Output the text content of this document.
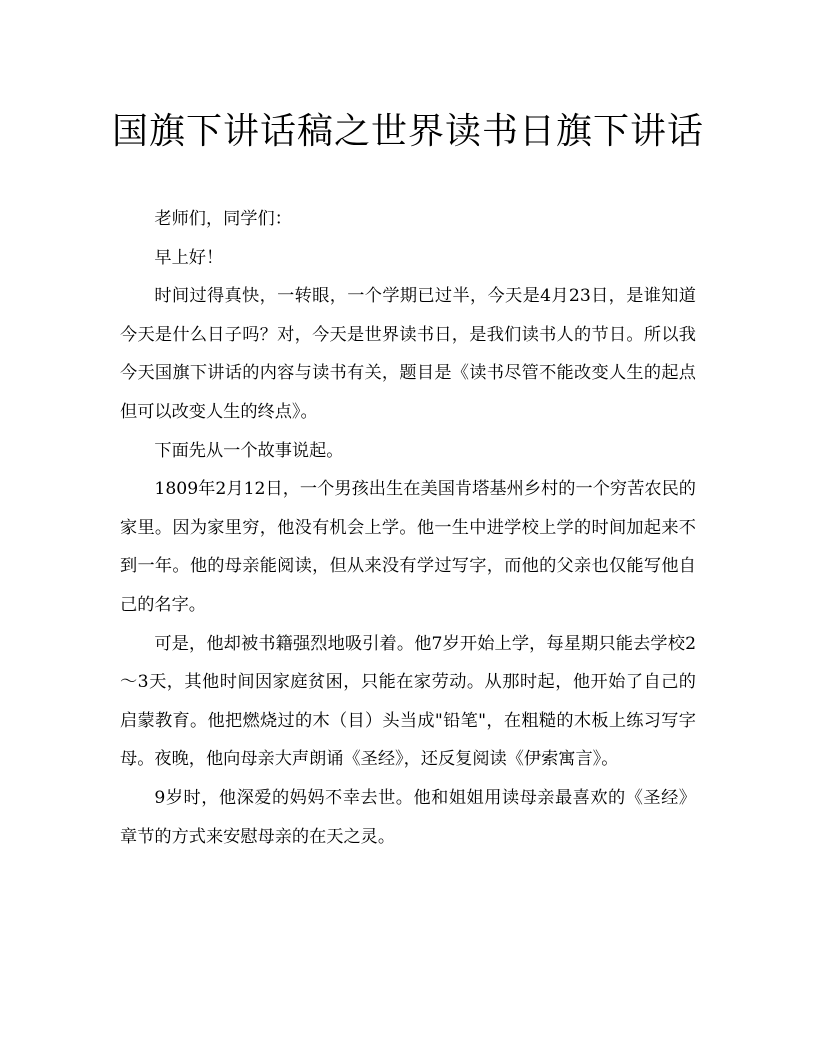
国旗下讲话稿之世界读书日旗下讲话

老师们，同学们：

早上好！

时间过得真快，一转眼，一个学期已过半，今天是4月23日，是谁知道今天是什么日子吗？对，今天是世界读书日，是我们读书人的节日。所以我今天国旗下讲话的内容与读书有关，题目是《读书尽管不能改变人生的起点但可以改变人生的终点》。

下面先从一个故事说起。

1809年2月12日，一个男孩出生在美国肯塔基州乡村的一个穷苦农民的家里。因为家里穷，他没有机会上学。他一生中进学校上学的时间加起来不到一年。他的母亲能阅读，但从来没有学过写字，而他的父亲也仅能写他自己的名字。

可是，他却被书籍强烈地吸引着。他7岁开始上学，每星期只能去学校2～3天，其他时间因家庭贫困，只能在家劳动。从那时起，他开始了自己的启蒙教育。他把燃烧过的木（目）头当成"铅笔"，在粗糙的木板上练习写字母。夜晚，他向母亲大声朗诵《圣经》，还反复阅读《伊索寓言》。

9岁时，他深爱的妈妈不幸去世。他和姐姐用读母亲最喜欢的《圣经》章节的方式来安慰母亲的在天之灵。
